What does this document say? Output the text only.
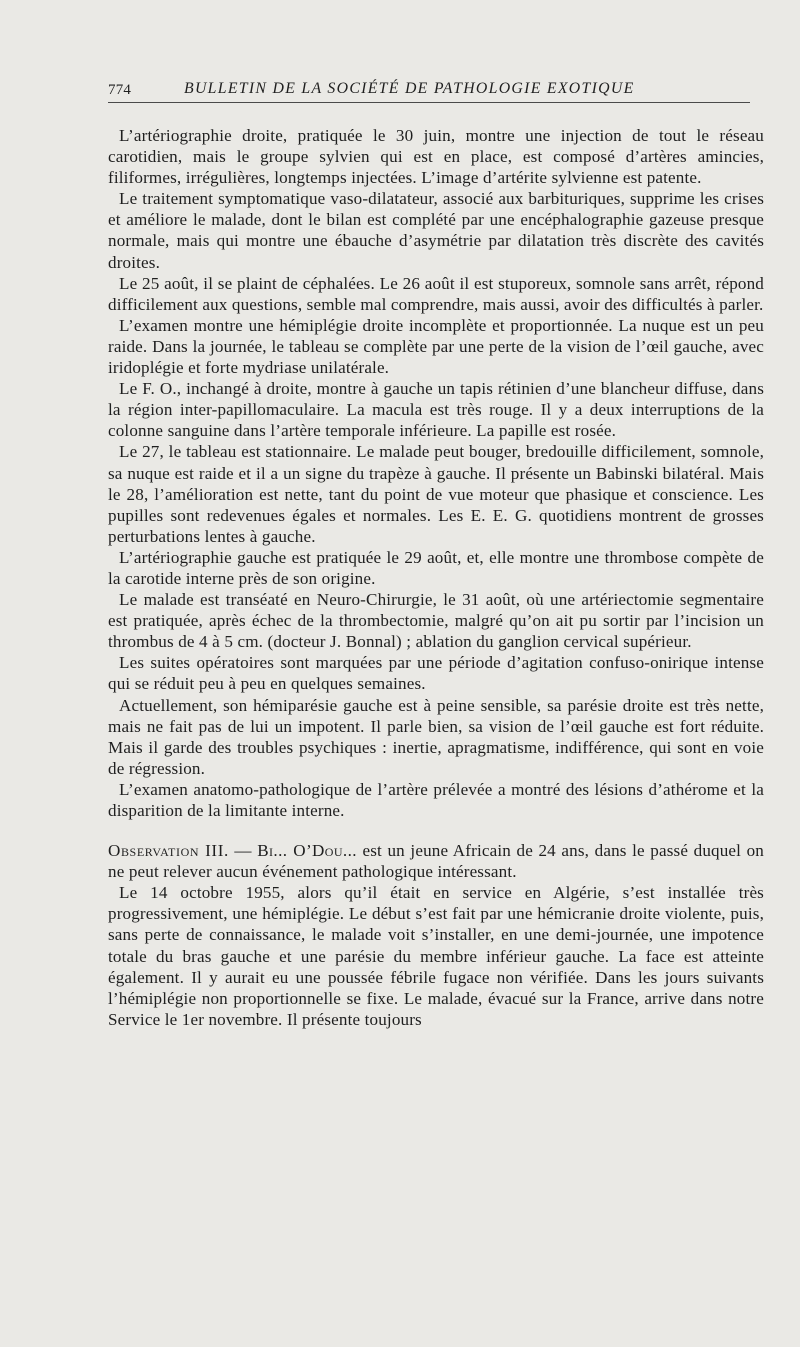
774	BULLETIN DE LA SOCIÉTÉ DE PATHOLOGIE EXOTIQUE

L’artériographie droite, pratiquée le 30 juin, montre une injection de tout le réseau carotidien, mais le groupe sylvien qui est en place, est composé d’artères amincies, filiformes, irrégulières, longtemps injectées. L’image d’artérite sylvienne est patente.

Le traitement symptomatique vaso-dilatateur, associé aux barbituriques, supprime les crises et améliore le malade, dont le bilan est complété par une encéphalographie gazeuse presque normale, mais qui montre une ébauche d’asymétrie par dilatation très discrète des cavités droites.

Le 25 août, il se plaint de céphalées. Le 26 août il est stuporeux, somnole sans arrêt, répond difficilement aux questions, semble mal comprendre, mais aussi, avoir des difficultés à parler.

L’examen montre une hémiplégie droite incomplète et proportionnée. La nuque est un peu raide. Dans la journée, le tableau se complète par une perte de la vision de l’œil gauche, avec iridoplégie et forte mydriase unilatérale.

Le F. O., inchangé à droite, montre à gauche un tapis rétinien d’une blancheur diffuse, dans la région inter-papillomaculaire. La macula est très rouge. Il y a deux interruptions de la colonne sanguine dans l’artère temporale inférieure. La papille est rosée.

Le 27, le tableau est stationnaire. Le malade peut bouger, bredouille difficilement, somnole, sa nuque est raide et il a un signe du trapèze à gauche. Il présente un Babinski bilatéral. Mais le 28, l’amélioration est nette, tant du point de vue moteur que phasique et conscience. Les pupilles sont redevenues égales et normales. Les E. E. G. quotidiens montrent de grosses perturbations lentes à gauche.

L’artériographie gauche est pratiquée le 29 août, et, elle montre une thrombose compète de la carotide interne près de son origine.

Le malade est transéaté en Neuro-Chirurgie, le 31 août, où une artériectomie segmentaire est pratiquée, après échec de la thrombectomie, malgré qu’on ait pu sortir par l’incision un thrombus de 4 à 5 cm. (docteur J. Bonnal) ; ablation du ganglion cervical supérieur.

Les suites opératoires sont marquées par une période d’agitation confuso-onirique intense qui se réduit peu à peu en quelques semaines.

Actuellement, son hémiparésie gauche est à peine sensible, sa parésie droite est très nette, mais ne fait pas de lui un impotent. Il parle bien, sa vision de l’œil gauche est fort réduite. Mais il garde des troubles psychiques : inertie, apragmatisme, indifférence, qui sont en voie de régression.

L’examen anatomo-pathologique de l’artère prélevée a montré des lésions d’athérome et la disparition de la limitante interne.

Observation III. — Bi... O’Dou... est un jeune Africain de 24 ans, dans le passé duquel on ne peut relever aucun événement pathologique intéressant.

Le 14 octobre 1955, alors qu’il était en service en Algérie, s’est installée très progressivement, une hémiplégie. Le début s’est fait par une hémicranie droite violente, puis, sans perte de connaissance, le malade voit s’installer, en une demi-journée, une impotence totale du bras gauche et une parésie du membre inférieur gauche. La face est atteinte également. Il y aurait eu une poussée fébrile fugace non vérifiée. Dans les jours suivants l’hémiplégie non proportionnelle se fixe. Le malade, évacué sur la France, arrive dans notre Service le 1er novembre. Il présente toujours
